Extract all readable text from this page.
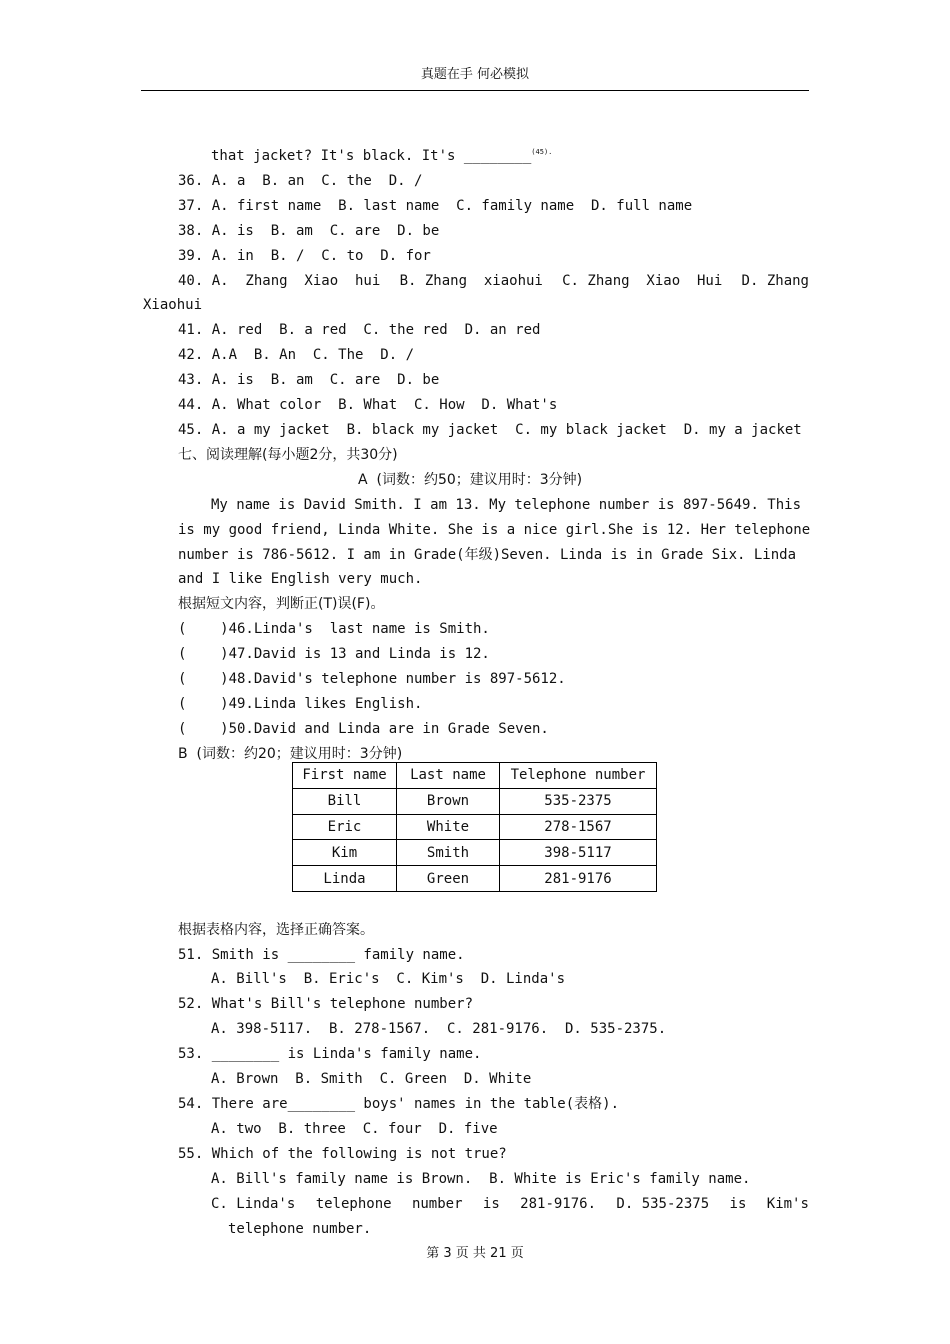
真题在手 何必模拟
that jacket? It's black. It's ________$^{(45).}$
36. A. a  B. an  C. the  D. /
37. A. first name  B. last name  C. family name  D. full name
38. A. is  B. am  C. are  D. be
39. A. in  B. /  C. to  D. for
40. A.  Zhang  Xiao  hui B. Zhang  xiaohui C. Zhang  Xiao  Hui D. Zhang
Xiaohui
41. A. red  B. a red  C. the red  D. an red
42. A.A  B. An  C. The  D. /
43. A. is  B. am  C. are  D. be
44. A. What color  B. What  C. How  D. What's
45. A. a my jacket  B. black my jacket  C. my black jacket  D. my a jacket
七、阅读理解(每小题2分，共30分)
A  (词数：约50；建议用时：3分钟)
My name is David Smith. I am 13. My telephone number is 897-5649. This
is my good friend, Linda White. She is a nice girl.She is 12. Her telephone
number is 786-5612. I am in Grade(年级)Seven. Linda is in Grade Six. Linda
and I like English very much.
根据短文内容，判断正(T)误(F)。
(    )46.Linda's  last name is Smith.
(    )47.David is 13 and Linda is 12.
(    )48.David's telephone number is 897-5612.
(    )49.Linda likes English.
(    )50.David and Linda are in Grade Seven.
B  (词数：约20；建议用时：3分钟)
根据表格内容，选择正确答案。
51. Smith is ________ family name.
A. Bill's  B. Eric's  C. Kim's  D. Linda's
52. What's Bill's telephone number?
A. 398-5117.  B. 278-1567.  C. 281-9176.  D. 535-2375.
53. ________ is Linda's family name.
A. Brown  B. Smith  C. Green  D. White
54. There are________ boys' names in the table(表格).
A. two  B. three  C. four  D. five
55. Which of the following is not true?
A. Bill's family name is Brown.  B. White is Eric's family name.
C. Linda's telephone number is 281-9176. D. 535-2375 is Kim's
telephone number.
First name	Last name	Telephone number
Bill	Brown	535-2375
Eric	White	278-1567
Kim	Smith	398-5117
Linda	Green	281-9176
第 3 页 共 21 页
